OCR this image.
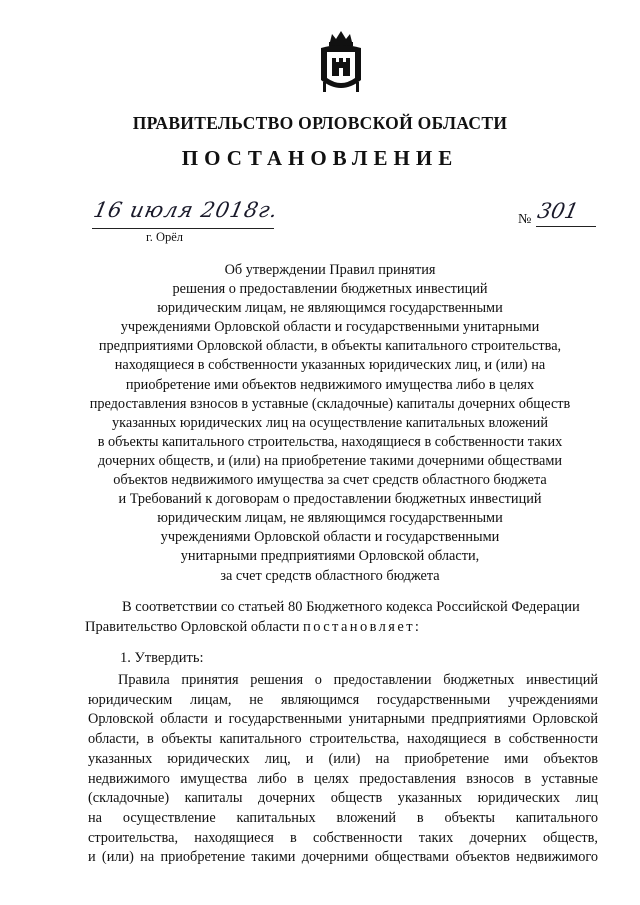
ПРАВИТЕЛЬСТВО ОРЛОВСКОЙ ОБЛАСТИ
ПОСТАНОВЛЕНИЕ
16 июля 2018г.
г. Орёл
№ 301
Об утверждении Правил принятия
решения о предоставлении бюджетных инвестиций
юридическим лицам, не являющимся государственными
учреждениями Орловской области и государственными унитарными
предприятиями Орловской области, в объекты капитального строительства,
находящиеся в собственности указанных юридических лиц, и (или) на
приобретение ими объектов недвижимого имущества либо в целях
предоставления взносов в уставные (складочные) капиталы дочерних обществ
указанных юридических лиц на осуществление капитальных вложений
в объекты капитального строительства, находящиеся в собственности таких
дочерних обществ, и (или) на приобретение такими дочерними обществами
объектов недвижимого имущества за счет средств областного бюджета
и Требований к договорам о предоставлении бюджетных инвестиций
юридическим лицам, не являющимся государственными
учреждениями Орловской области и государственными
унитарными предприятиями Орловской области,
за счет средств областного бюджета
В соответствии со статьей 80 Бюджетного кодекса Российской Федерации
Правительство Орловской области постановляет:
1. Утвердить:
Правила принятия решения о предоставлении бюджетных инвестиций
юридическим лицам, не являющимся государственными учреждениями
Орловской области и государственными унитарными предприятиями Орловской
области, в объекты капитального строительства, находящиеся в собственности
указанных юридических лиц, и (или) на приобретение ими объектов
недвижимого имущества либо в целях предоставления взносов в уставные
(складочные) капиталы дочерних обществ указанных юридических лиц
на осуществление капитальных вложений в объекты капитального
строительства, находящиеся в собственности таких дочерних обществ,
и (или) на приобретение такими дочерними обществами объектов недвижимого
